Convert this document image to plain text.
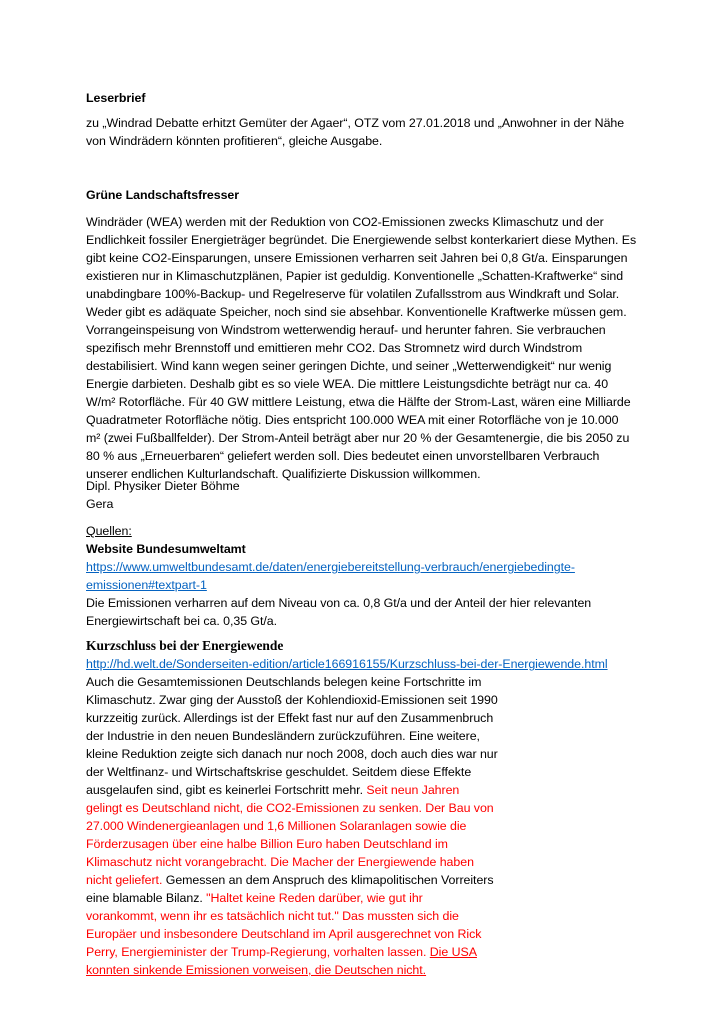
Leserbrief
zu „Windrad Debatte erhitzt Gemüter der Agaer“, OTZ vom 27.01.2018 und „Anwohner in der Nähe
von Windrädern könnten profitieren“, gleiche Ausgabe.
Grüne Landschaftsfresser
Windräder (WEA) werden mit der Reduktion von CO2-Emissionen zwecks Klimaschutz und der
Endlichkeit fossiler Energieträger begründet. Die Energiewende selbst konterkariert diese Mythen. Es
gibt keine CO2-Einsparungen, unsere Emissionen verharren seit Jahren bei 0,8 Gt/a. Einsparungen
existieren nur in Klimaschutzplänen, Papier ist geduldig. Konventionelle „Schatten-Kraftwerke“ sind
unabdingbare 100%-Backup- und Regelreserve für volatilen Zufallsstrom aus Windkraft und Solar.
Weder gibt es adäquate Speicher, noch sind sie absehbar. Konventionelle Kraftwerke müssen gem.
Vorrangeinspeisung von Windstrom wetterwendig herauf- und herunter fahren. Sie verbrauchen
spezifisch mehr Brennstoff und emittieren mehr CO2. Das Stromnetz wird durch Windstrom
destabilisiert. Wind kann wegen seiner geringen Dichte, und seiner „Wetterwendigkeit“ nur wenig
Energie darbieten. Deshalb gibt es so viele WEA. Die mittlere Leistungsdichte beträgt nur ca. 40
W/m² Rotorfläche. Für 40 GW mittlere Leistung, etwa die Hälfte der Strom-Last, wären eine Milliarde
Quadratmeter Rotorfläche nötig. Dies entspricht 100.000 WEA mit einer Rotorfläche von je 10.000
m² (zwei Fußballfelder). Der Strom-Anteil beträgt aber nur 20 % der Gesamtenergie, die bis 2050 zu
80 % aus „Erneuerbaren“ geliefert werden soll. Dies bedeutet einen unvorstellbaren Verbrauch
unserer endlichen Kulturlandschaft. Qualifizierte Diskussion willkommen.
Dipl. Physiker Dieter Böhme
Gera
Quellen:
Website Bundesumweltamt
https://www.umweltbundesamt.de/daten/energiebereitstellung-verbrauch/energiebedingte-
emissionen#textpart-1
Die Emissionen verharren auf dem Niveau von ca. 0,8 Gt/a und der Anteil der hier relevanten
Energiewirtschaft bei ca. 0,35 Gt/a.
Kurzschluss bei der Energiewende
http://hd.welt.de/Sonderseiten-edition/article166916155/Kurzschluss-bei-der-Energiewende.html
Auch die Gesamtemissionen Deutschlands belegen keine Fortschritte im
Klimaschutz. Zwar ging der Ausstoß der Kohlendioxid-Emissionen seit 1990
kurzzeitig zurück. Allerdings ist der Effekt fast nur auf den Zusammenbruch
der Industrie in den neuen Bundesländern zurückzuführen. Eine weitere,
kleine Reduktion zeigte sich danach nur noch 2008, doch auch dies war nur
der Weltfinanz- und Wirtschaftskrise geschuldet. Seitdem diese Effekte
ausgelaufen sind, gibt es keinerlei Fortschritt mehr. Seit neun Jahren
gelingt es Deutschland nicht, die CO2-Emissionen zu senken. Der Bau von
27.000 Windenergieanlagen und 1,6 Millionen Solaranlagen sowie die
Förderzusagen über eine halbe Billion Euro haben Deutschland im
Klimaschutz nicht vorangebracht. Die Macher der Energiewende haben
nicht geliefert. Gemessen an dem Anspruch des klimapolitischen Vorreiters
eine blamable Bilanz. "Haltet keine Reden darüber, wie gut ihr
vorankommt, wenn ihr es tatsächlich nicht tut." Das mussten sich die
Europäer und insbesondere Deutschland im April ausgerechnet von Rick
Perry, Energieminister der Trump-Regierung, vorhalten lassen. Die USA
konnten sinkende Emissionen vorweisen, die Deutschen nicht.
